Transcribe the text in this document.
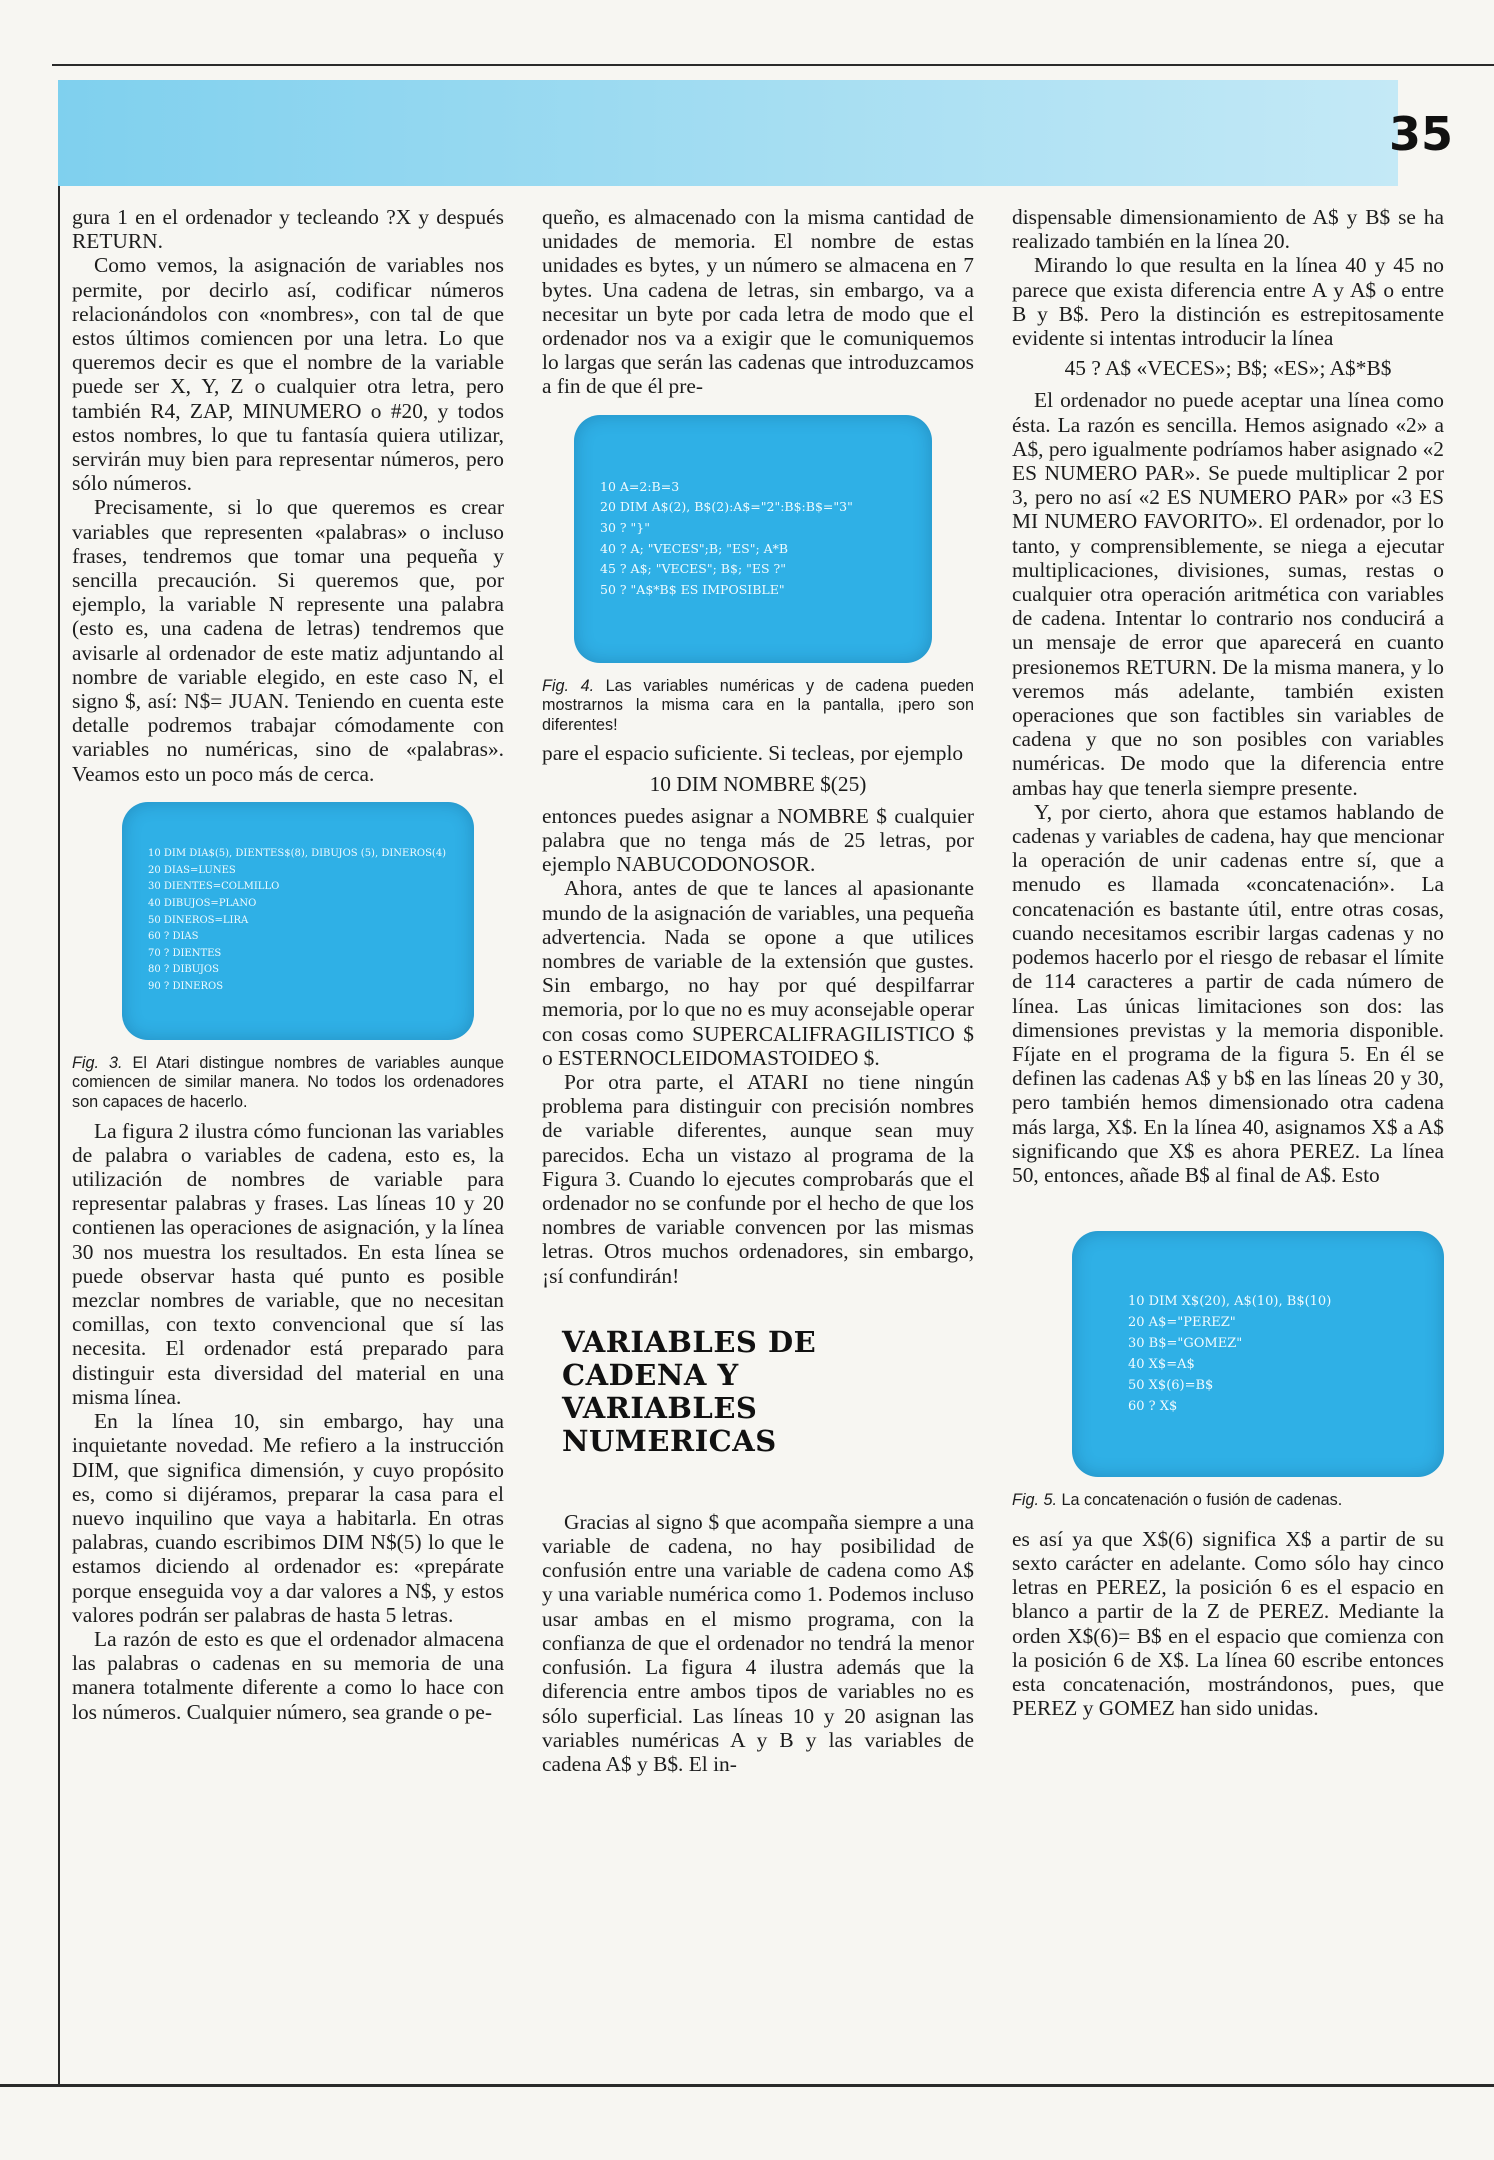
35

gura 1 en el ordenador y tecleando ?X y después RETURN.

Como vemos, la asignación de variables nos permite, por decirlo así, codificar números relacionándolos con «nombres», con tal de que estos últimos comiencen por una letra. Lo que queremos decir es que el nombre de la variable puede ser X, Y, Z o cualquier otra letra, pero también R4, ZAP, MINUMERO o #20, y todos estos nombres, lo que tu fantasía quiera utilizar, servirán muy bien para representar números, pero sólo números.

Precisamente, si lo que queremos es crear variables que representen «palabras» o incluso frases, tendremos que tomar una pequeña y sencilla precaución. Si queremos que, por ejemplo, la variable N represente una palabra (esto es, una cadena de letras) tendremos que avisarle al ordenador de este matiz adjuntando al nombre de variable elegido, en este caso N, el signo $, así: N$= JUAN. Teniendo en cuenta este detalle podremos trabajar cómodamente con variables no numéricas, sino de «palabras». Veamos esto un poco más de cerca.

10 DIM DIA$(5), DIENTES$(8), DIBUJOS (5), DINEROS(4)
20 DIAS=LUNES
30 DIENTES=COLMILLO
40 DIBUJOS=PLANO
50 DINEROS=LIRA
60 ? DIAS
70 ? DIENTES
80 ? DIBUJOS
90 ? DINEROS
Fig. 3. El Atari distingue nombres de variables aunque comiencen de similar manera. No todos los ordenadores son capaces de hacerlo.

La figura 2 ilustra cómo funcionan las variables de palabra o variables de cadena, esto es, la utilización de nombres de variable para representar palabras y frases. Las líneas 10 y 20 contienen las operaciones de asignación, y la línea 30 nos muestra los resultados. En esta línea se puede observar hasta qué punto es posible mezclar nombres de variable, que no necesitan comillas, con texto convencional que sí las necesita. El ordenador está preparado para distinguir esta diversidad del material en una misma línea.

En la línea 10, sin embargo, hay una inquietante novedad. Me refiero a la instrucción DIM, que significa dimensión, y cuyo propósito es, como si dijéramos, preparar la casa para el nuevo inquilino que vaya a habitarla. En otras palabras, cuando escribimos DIM N$(5) lo que le estamos diciendo al ordenador es: «prepárate porque enseguida voy a dar valores a N$, y estos valores podrán ser palabras de hasta 5 letras.

La razón de esto es que el ordenador almacena las palabras o cadenas en su memoria de una manera totalmente diferente a como lo hace con los números. Cualquier número, sea grande o pe-

queño, es almacenado con la misma cantidad de unidades de memoria. El nombre de estas unidades es bytes, y un número se almacena en 7 bytes. Una cadena de letras, sin embargo, va a necesitar un byte por cada letra de modo que el ordenador nos va a exigir que le comuniquemos lo largas que serán las cadenas que introduzcamos a fin de que él pre-

10 A=2:B=3
20 DIM A$(2), B$(2):A$="2":B$:B$="3"
30 ? "}"
40 ? A; "VECES";B; "ES"; A*B
45 ? A$; "VECES"; B$; "ES ?"
50 ? "A$*B$ ES IMPOSIBLE"
Fig. 4. Las variables numéricas y de cadena pueden mostrarnos la misma cara en la pantalla, ¡pero son diferentes!

pare el espacio suficiente. Si tecleas, por ejemplo

10 DIM NOMBRE $(25)

entonces puedes asignar a NOMBRE $ cualquier palabra que no tenga más de 25 letras, por ejemplo NABUCODONOSOR.

Ahora, antes de que te lances al apasionante mundo de la asignación de variables, una pequeña advertencia. Nada se opone a que utilices nombres de variable de la extensión que gustes. Sin embargo, no hay por qué despilfarrar memoria, por lo que no es muy aconsejable operar con cosas como SUPERCALIFRAGILISTICO $ o ESTERNOCLEIDOMASTOIDEO $.

Por otra parte, el ATARI no tiene ningún problema para distinguir con precisión nombres de variable diferentes, aunque sean muy parecidos. Echa un vistazo al programa de la Figura 3. Cuando lo ejecutes comprobarás que el ordenador no se confunde por el hecho de que los nombres de variable convencen por las mismas letras. Otros muchos ordenadores, sin embargo, ¡sí confundirán!

VARIABLES DE
CADENA Y
VARIABLES
NUMERICAS

Gracias al signo $ que acompaña siempre a una variable de cadena, no hay posibilidad de confusión entre una variable de cadena como A$ y una variable numérica como 1. Podemos incluso usar ambas en el mismo programa, con la confianza de que el ordenador no tendrá la menor confusión. La figura 4 ilustra además que la diferencia entre ambos tipos de variables no es sólo superficial. Las líneas 10 y 20 asignan las variables numéricas A y B y las variables de cadena A$ y B$. El in-

dispensable dimensionamiento de A$ y B$ se ha realizado también en la línea 20.

Mirando lo que resulta en la línea 40 y 45 no parece que exista diferencia entre A y A$ o entre B y B$. Pero la distinción es estrepitosamente evidente si intentas introducir la línea

45 ? A$ «VECES»; B$; «ES»; A$*B$

El ordenador no puede aceptar una línea como ésta. La razón es sencilla. Hemos asignado «2» a A$, pero igualmente podríamos haber asignado «2 ES NUMERO PAR». Se puede multiplicar 2 por 3, pero no así «2 ES NUMERO PAR» por «3 ES MI NUMERO FAVORITO». El ordenador, por lo tanto, y comprensiblemente, se niega a ejecutar multiplicaciones, divisiones, sumas, restas o cualquier otra operación aritmética con variables de cadena. Intentar lo contrario nos conducirá a un mensaje de error que aparecerá en cuanto presionemos RETURN. De la misma manera, y lo veremos más adelante, también existen operaciones que son factibles sin variables de cadena y que no son posibles con variables numéricas. De modo que la diferencia entre ambas hay que tenerla siempre presente.

Y, por cierto, ahora que estamos hablando de cadenas y variables de cadena, hay que mencionar la operación de unir cadenas entre sí, que a menudo es llamada «concatenación». La concatenación es bastante útil, entre otras cosas, cuando necesitamos escribir largas cadenas y no podemos hacerlo por el riesgo de rebasar el límite de 114 caracteres a partir de cada número de línea. Las únicas limitaciones son dos: las dimensiones previstas y la memoria disponible. Fíjate en el programa de la figura 5. En él se definen las cadenas A$ y b$ en las líneas 20 y 30, pero también hemos dimensionado otra cadena más larga, X$. En la línea 40, asignamos X$ a A$ significando que X$ es ahora PEREZ. La línea 50, entonces, añade B$ al final de A$. Esto

10 DIM X$(20), A$(10), B$(10)
20 A$="PEREZ"
30 B$="GOMEZ"
40 X$=A$
50 X$(6)=B$
60 ? X$
Fig. 5. La concatenación o fusión de cadenas.

es así ya que X$(6) significa X$ a partir de su sexto carácter en adelante. Como sólo hay cinco letras en PEREZ, la posición 6 es el espacio en blanco a partir de la Z de PEREZ. Mediante la orden X$(6)= B$ en el espacio que comienza con la posición 6 de X$. La línea 60 escribe entonces esta concatenación, mostrándonos, pues, que PEREZ y GOMEZ han sido unidas.
